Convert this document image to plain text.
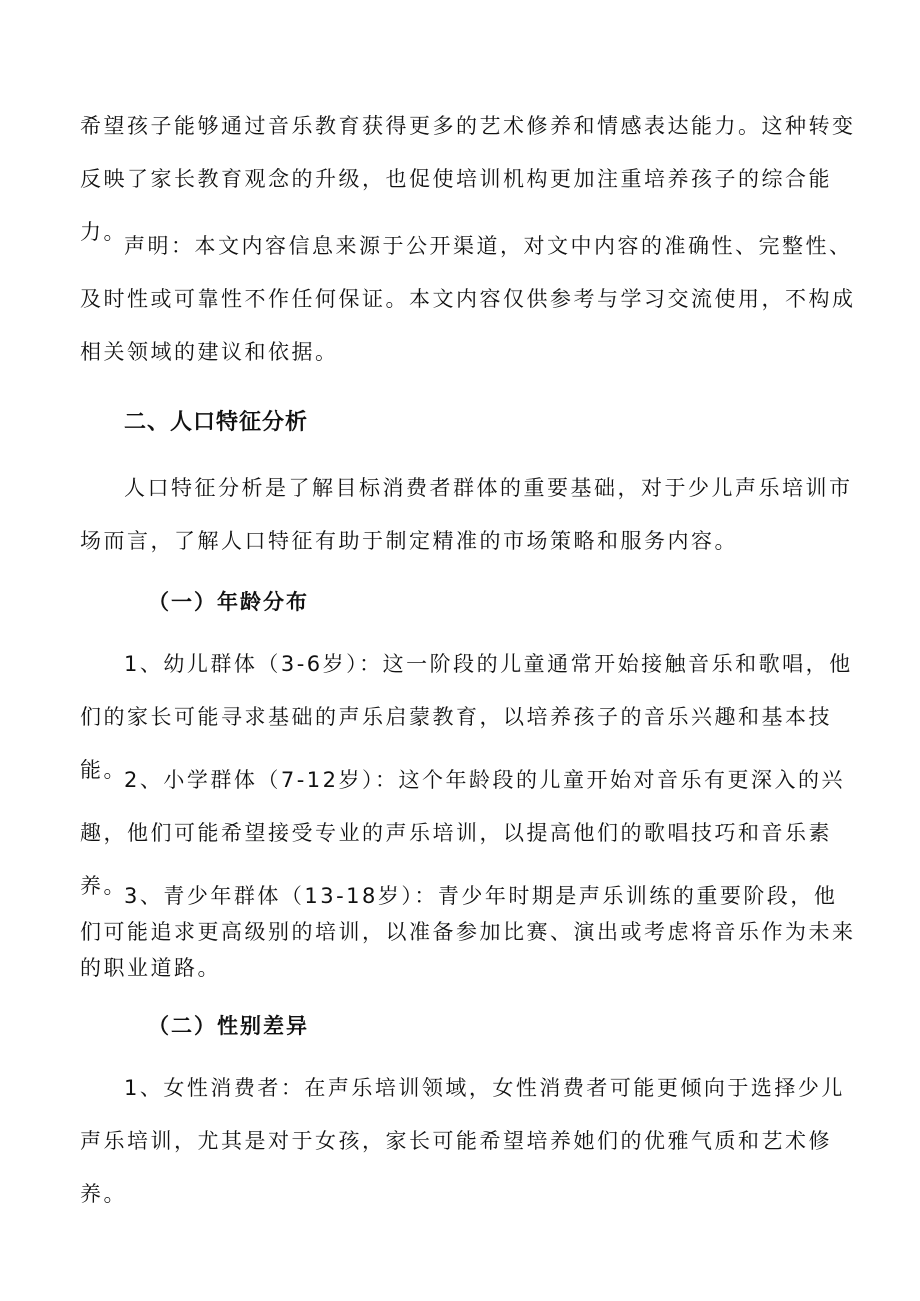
希望孩子能够通过音乐教育获得更多的艺术修养和情感表达能力。这种转变反映了家长教育观念的升级，也促使培训机构更加注重培养孩子的综合能力。

声明：本文内容信息来源于公开渠道，对文中内容的准确性、完整性、及时性或可靠性不作任何保证。本文内容仅供参考与学习交流使用，不构成相关领域的建议和依据。

二、人口特征分析

人口特征分析是了解目标消费者群体的重要基础，对于少儿声乐培训市场而言，了解人口特征有助于制定精准的市场策略和服务内容。

（一）年龄分布

1、幼儿群体（3-6岁）：这一阶段的儿童通常开始接触音乐和歌唱，他们的家长可能寻求基础的声乐启蒙教育，以培养孩子的音乐兴趣和基本技能。

2、小学群体（7-12岁）：这个年龄段的儿童开始对音乐有更深入的兴趣，他们可能希望接受专业的声乐培训，以提高他们的歌唱技巧和音乐素养。

3、青少年群体（13-18岁）：青少年时期是声乐训练的重要阶段，他们可能追求更高级别的培训，以准备参加比赛、演出或考虑将音乐作为未来的职业道路。

（二）性别差异

1、女性消费者：在声乐培训领域，女性消费者可能更倾向于选择少儿声乐培训，尤其是对于女孩，家长可能希望培养她们的优雅气质和艺术修养。
